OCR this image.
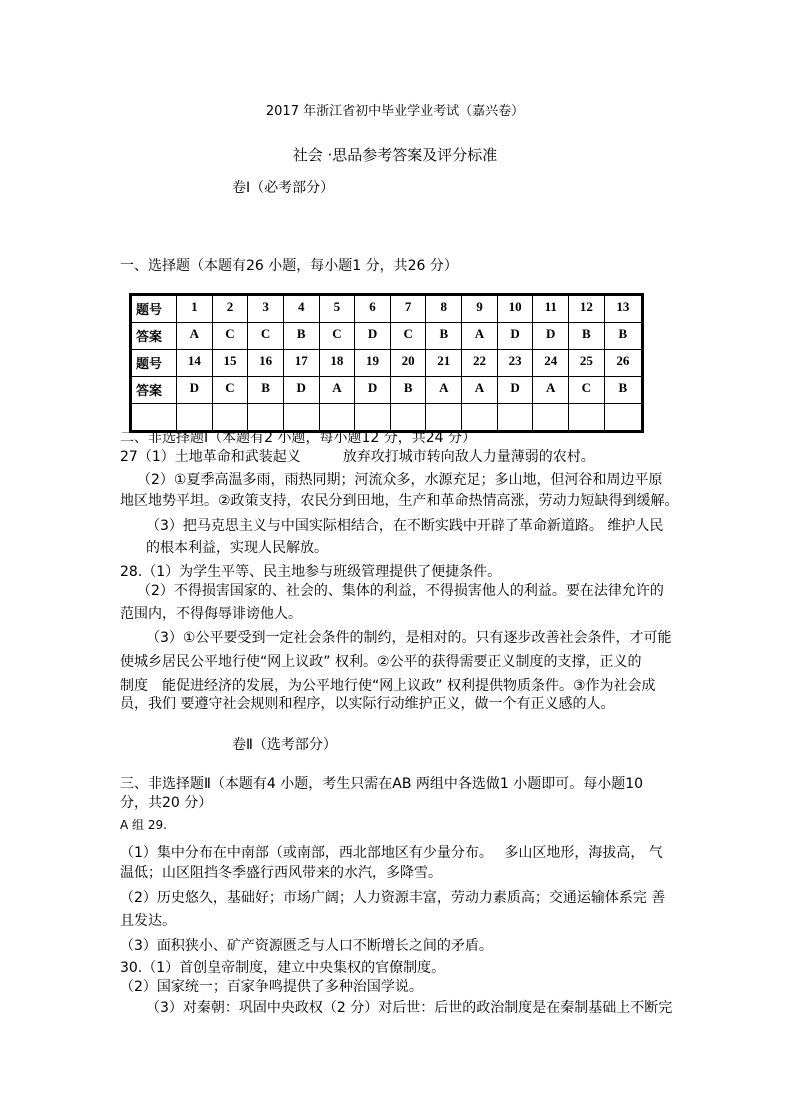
2017 年浙江省初中毕业学业考试（嘉兴卷）
社会 ·思品参考答案及评分标准
卷Ⅰ（必考部分）
一、选择题（本题有26 小题，每小题1 分，共26 分）
题号	1	2	3	4	5	6	7	8	9	10	11	12	13
答案	A	C	C	B	C	D	C	B	A	D	D	B	B
题号	14	15	16	17	18	19	20	21	22	23	24	25	26
答案	D	C	B	D	A	D	B	A	A	D	A	C	B

二、非选择题Ⅰ（本题有2 小题，每小题12 分，共24 分）
27（1）土地革命和武装起义　　　放弃攻打城市转向敌人力量薄弱的农村。
（2）①夏季高温多雨，雨热同期；河流众多，水源充足；多山地，但河谷和周边平原
地区地势平坦。②政策支持，农民分到田地，生产和革命热情高涨，劳动力短缺得到缓解。
（3）把马克思主义与中国实际相结合，在不断实践中开辟了革命新道路。 维护人民
的根本利益，实现人民解放。
28.（1）为学生平等、民主地参与班级管理提供了便捷条件。
（2）不得损害国家的、社会的、集体的利益，不得损害他人的利益。要在法律允许的
范围内，不得侮辱诽谤他人。
（3）①公平要受到一定社会条件的制约，是相对的。只有逐步改善社会条件，才可能
使城乡居民公平地行使“网上议政” 权利。②公平的获得需要正义制度的支撑，正义的
制度　能促进经济的发展，为公平地行使“网上议政” 权利提供物质条件。③作为社会成
员，我们 要遵守社会规则和程序，以实际行动维护正义，做一个有正义感的人。
卷Ⅱ（选考部分）
三、非选择题Ⅱ（本题有4 小题，考生只需在AB 两组中各选做1 小题即可。每小题10
分，共20 分）
A 组 29.
（1）集中分布在中南部（或南部，西北部地区有少量分布。　 多山区地形，海拔高， 气
温低；山区阻挡冬季盛行西风带来的水汽，多降雪。
（2）历史悠久，基础好；市场广阔；人力资源丰富，劳动力素质高；交通运输体系完 善
且发达。
（3）面积狭小、矿产资源匮乏与人口不断增长之间的矛盾。
30.（1）首创皇帝制度，建立中央集权的官僚制度。
（2）国家统一；百家争鸣提供了多种治国学说。
（3）对秦朝：巩固中央政权（2 分）对后世：后世的政治制度是在秦制基础上不断完
